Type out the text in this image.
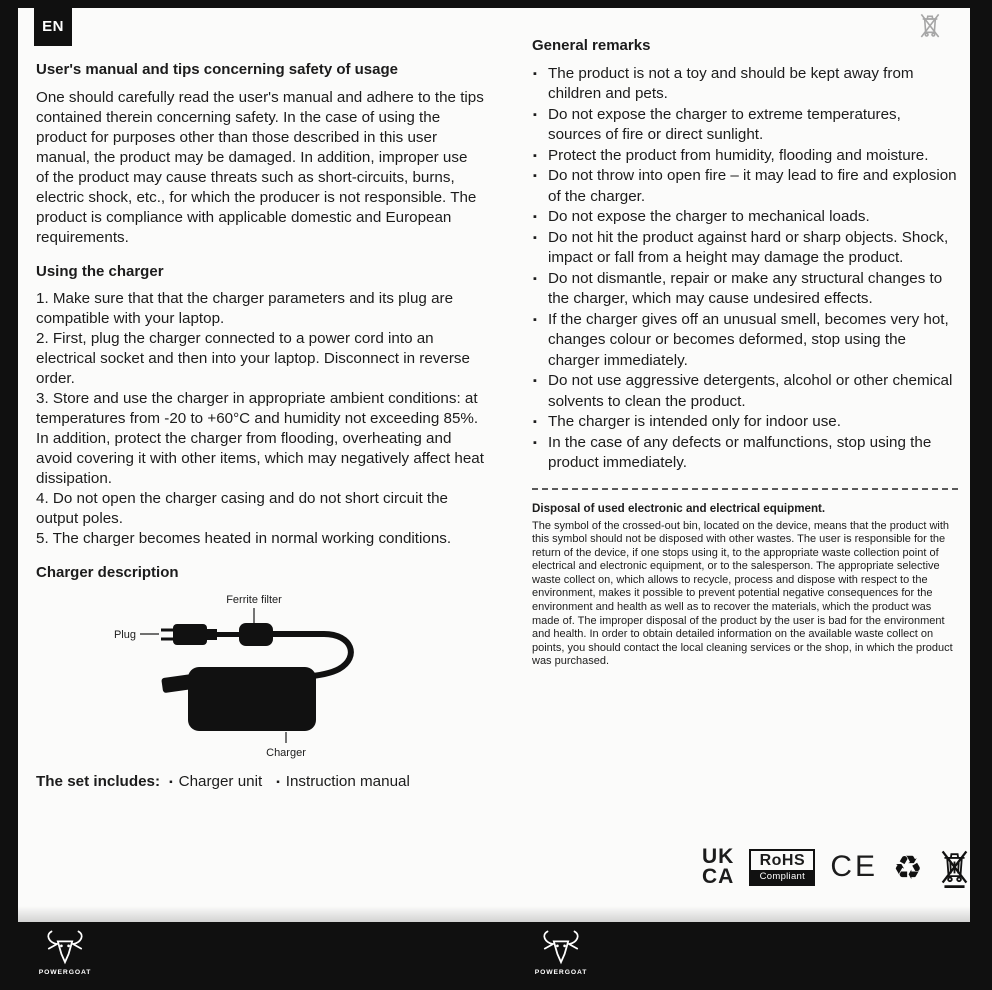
EN
User's manual and tips concerning safety of usage

One should carefully read the user's manual and adhere to the tips contained therein concerning safety. In the case of using the product for purposes other than those described in this user manual, the product may be damaged. In addition, improper use of the product may cause threats such as short-circuits, burns, electric shock, etc., for which the producer is not responsible. The product is compliance with applicable domestic and European requirements.

Using the charger
1. Make sure that that the charger parameters and its plug are compatible with your laptop.
2. First, plug the charger connected to a power cord into an electrical socket and then into your laptop. Disconnect in reverse order.
3. Store and use the charger in appropriate ambient conditions: at temperatures from -20 to +60°C and humidity not exceeding 85%. In addition, protect the charger from flooding, overheating and avoid covering it with other items, which may negatively affect heat dissipation.
4. Do not open the charger casing and do not short circuit the output poles.
5. The charger becomes heated in normal working conditions.
Charger description
Ferrite filter
Plug
Charger
The set includes:	▪ Charger unit ▪ Instruction manual
General remarks
▪ The product is not a toy and should be kept away from children and pets.
▪ Do not expose the charger to extreme temperatures, sources of fire or direct sunlight.
▪ Protect the product from humidity, flooding and moisture.
▪ Do not throw into open fire – it may lead to fire and explosion of the charger.
▪ Do not expose the charger to mechanical loads.
▪ Do not hit the product against hard or sharp objects. Shock, impact or fall from a height may damage the product.
▪ Do not dismantle, repair or make any structural changes to the charger, which may cause undesired effects.
▪ If the charger gives off an unusual smell, becomes very hot, changes colour or becomes deformed, stop using the charger immediately.
▪ Do not use aggressive detergents, alcohol or other chemical solvents to clean the product.
▪ The charger is intended only for indoor use.
▪ In the case of any defects or malfunctions, stop using the product immediately.
Disposal of used electronic and electrical equipment.

The symbol of the crossed-out bin, located on the device, means that the product with this symbol should not be disposed with other wastes. The user is responsible for the return of the device, if one stops using it, to the appropriate waste collection point of electrical and electronic equipment, or to the salesperson. The appropriate selective waste collect on, which allows to recycle, process and dispose with respect to the environment, makes it possible to prevent potential negative consequences for the environment and health as well as to recover the materials, which the product was made of. The improper disposal of the product by the user is bad for the environment and health. In order to obtain detailed information on the available waste collect on points, you should contact the local cleaning services or the shop, in which the product was purchased.

UK
CA
RoHS
Compliant CE ♻
POWERGOAT	POWERGOAT
